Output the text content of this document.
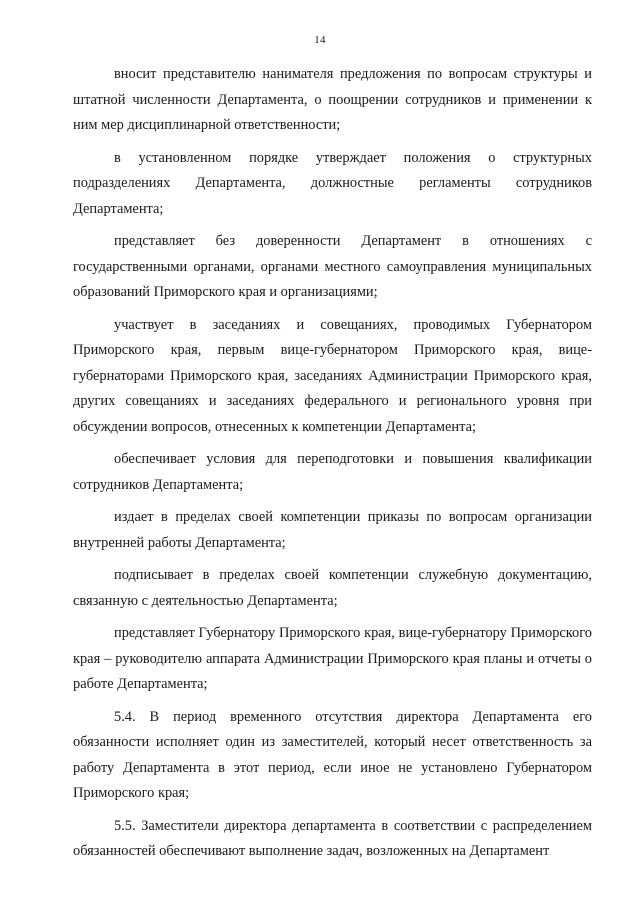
14

вносит представителю нанимателя предложения по вопросам структуры и штатной численности Департамента, о поощрении сотрудников и применении к ним мер дисциплинарной ответственности;

в установленном порядке утверждает положения о структурных подразделениях Департамента, должностные регламенты сотрудников Департамента;

представляет без доверенности Департамент в отношениях с государственными органами, органами местного самоуправления муниципальных образований Приморского края и организациями;

участвует в заседаниях и совещаниях, проводимых Губернатором Приморского края, первым вице-губернатором Приморского края, вице-губернаторами Приморского края, заседаниях Администрации Приморского края, других совещаниях и заседаниях федерального и регионального уровня при обсуждении вопросов, отнесенных к компетенции Департамента;

обеспечивает условия для переподготовки и повышения квалификации сотрудников Департамента;

издает в пределах своей компетенции приказы по вопросам организации внутренней работы Департамента;

подписывает в пределах своей компетенции служебную документацию, связанную с деятельностью Департамента;

представляет Губернатору Приморского края, вице-губернатору Приморского края – руководителю аппарата Администрации Приморского края планы и отчеты о работе Департамента;

5.4. В период временного отсутствия директора Департамента его обязанности исполняет один из заместителей, который несет ответственность за работу Департамента в этот период, если иное не установлено Губернатором Приморского края;

5.5. Заместители директора департамента в соответствии с распределением обязанностей обеспечивают выполнение задач, возложенных на Департамент
